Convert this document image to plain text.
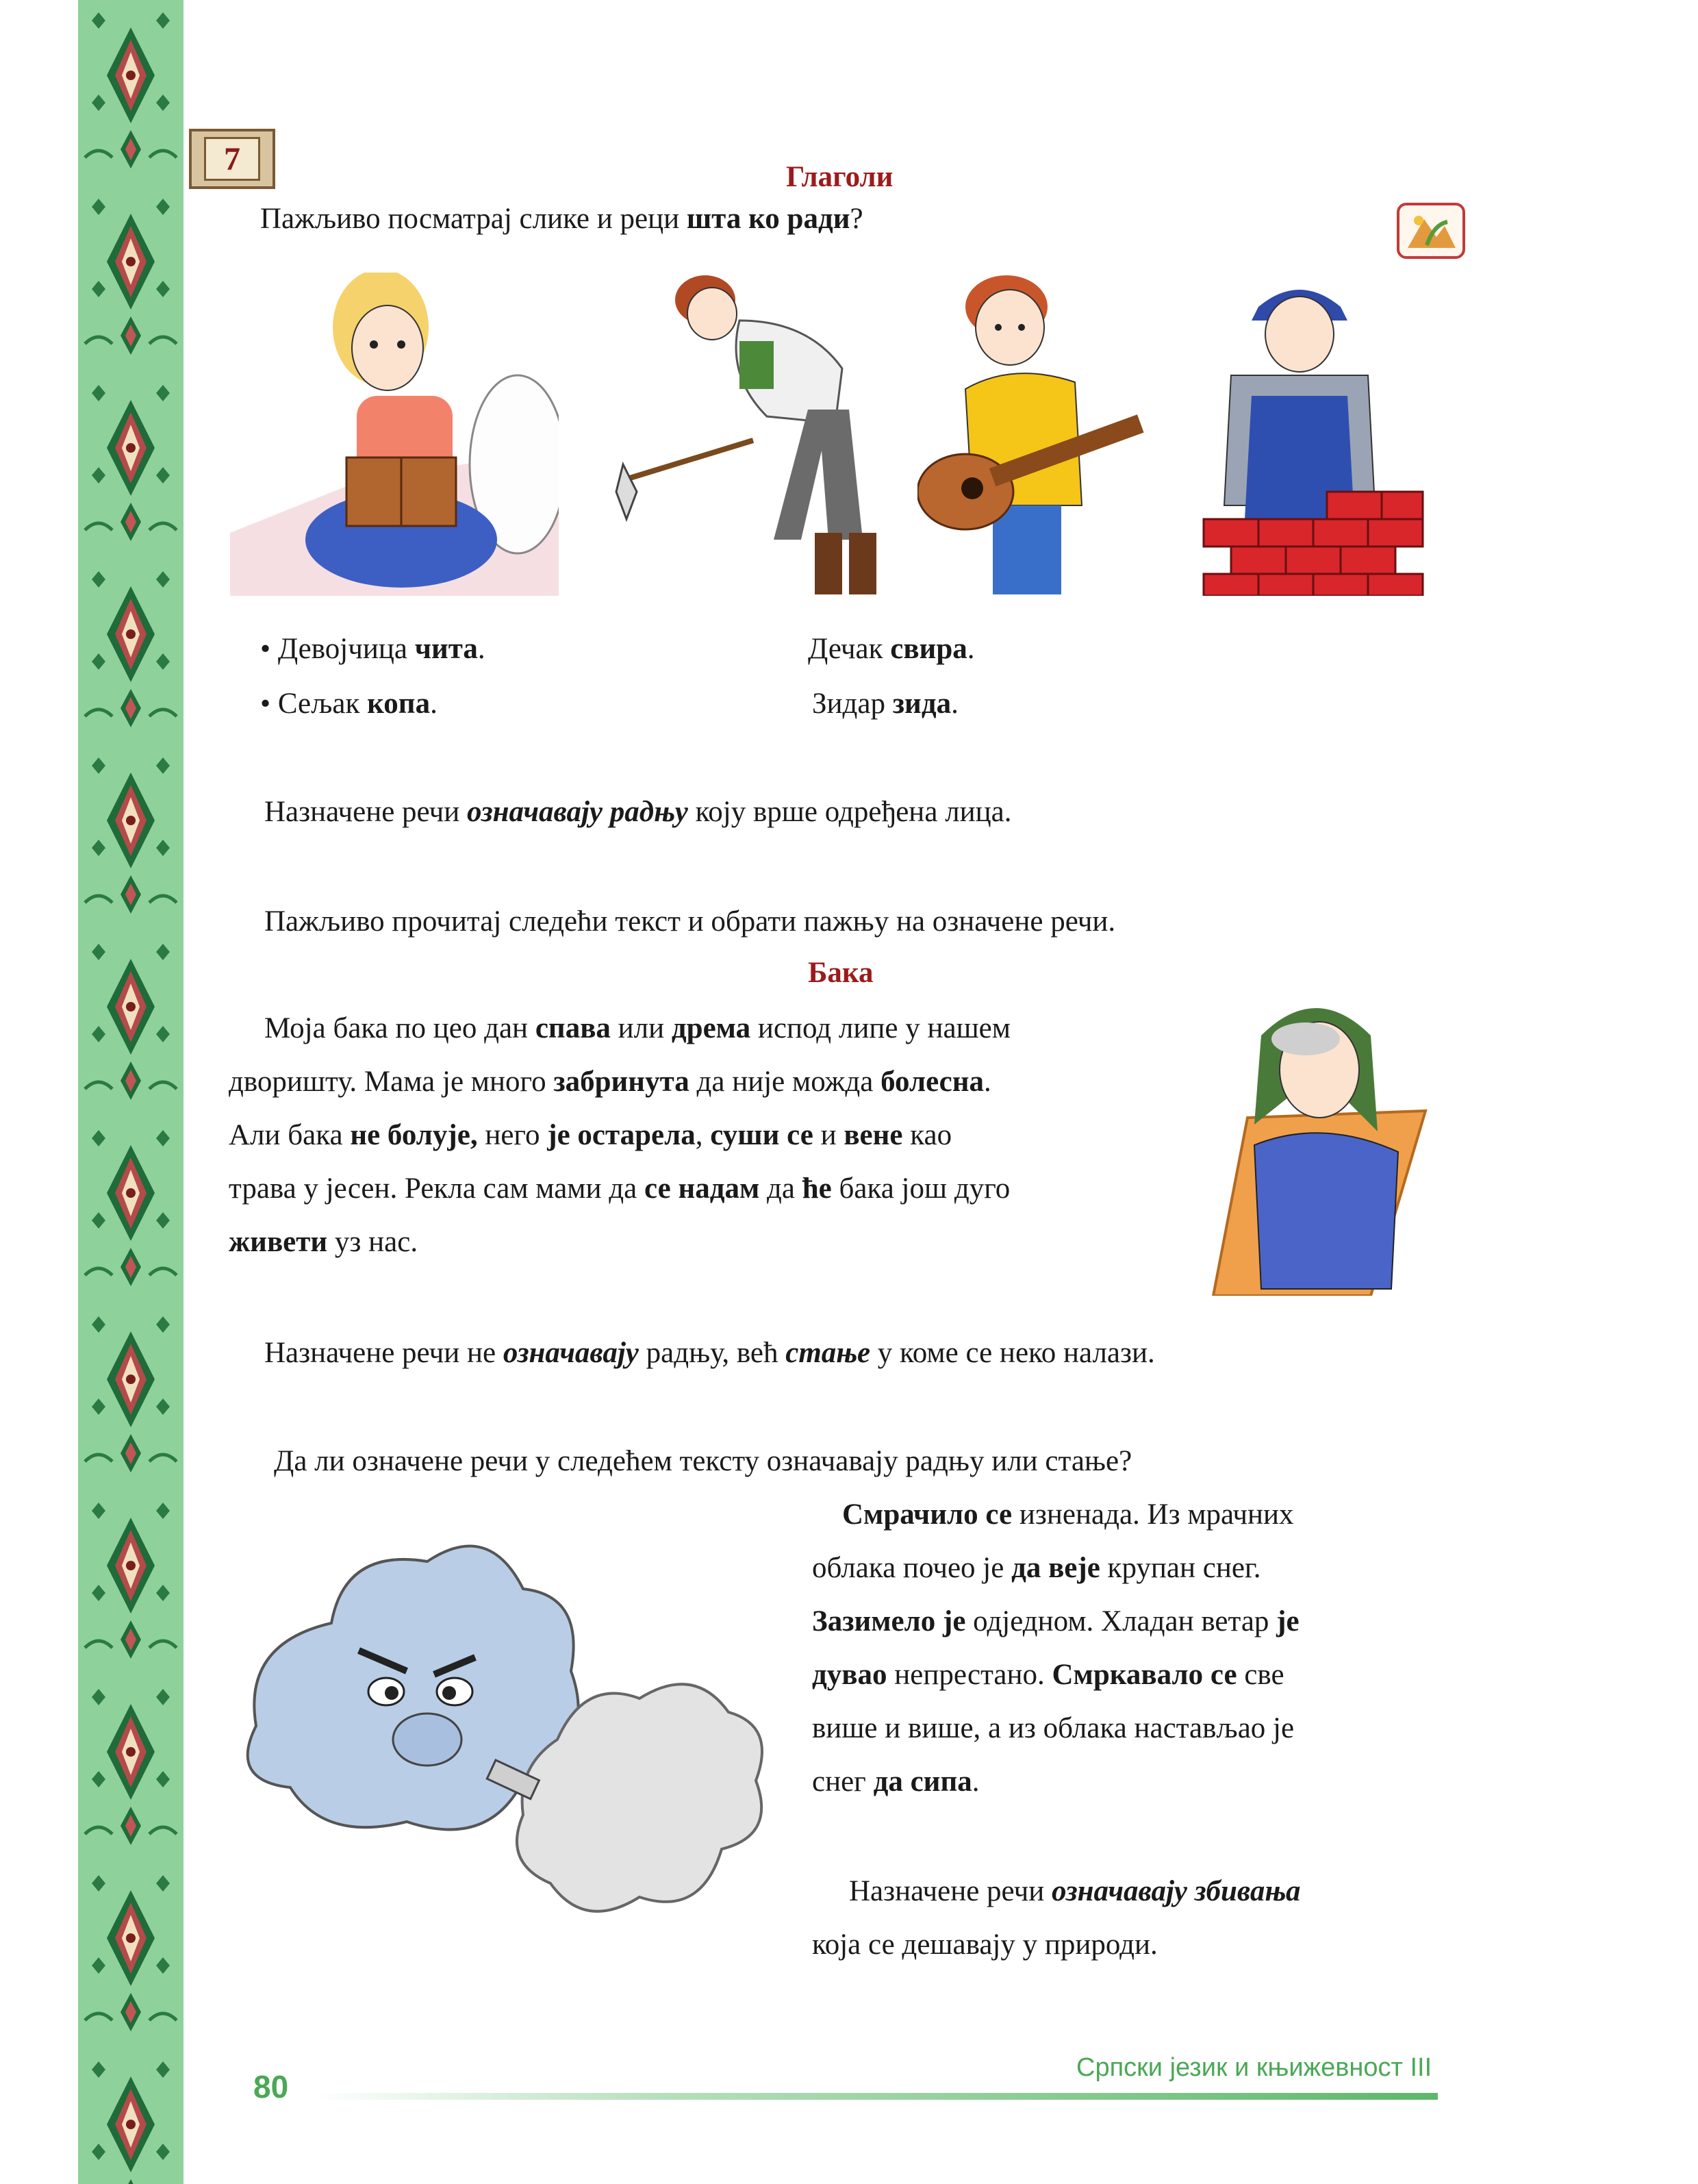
7	Глаголи
Пажљиво посматрај слике и реци шта ко ради?
• Девојчица чита.
• Сељак копа.
Дечак свира.
Зидар зида.
Назначене речи означавају радњу коју врше одређена лица.
Пажљиво прочитај следећи текст и обрати пажњу на означене речи.
Бака
Моја бака по цео дан спава или дрема испод липе у нашем
дворишту. Мама је много забринута да није можда болесна.
Али бака не болује, него је остарела, суши се и вене као
трава у јесен. Рекла сам мами да се надам да ће бака још дуго
живети уз нас.
Назначене речи не означавају радњу, већ стање у коме се неко налази.
Да ли означене речи у следећем тексту означавају радњу или стање?
Смрачило се изненада. Из мрачних
облака почео је да веје крупан снег.
Зазимело је одједном. Хладан ветар је
дувао непрестано. Смркавало се све
више и више, а из облака настављао је
снег да сипа.
Назначене речи означавају збивања
која се дешавају у природи.
80
Српски језик и књижевност III
